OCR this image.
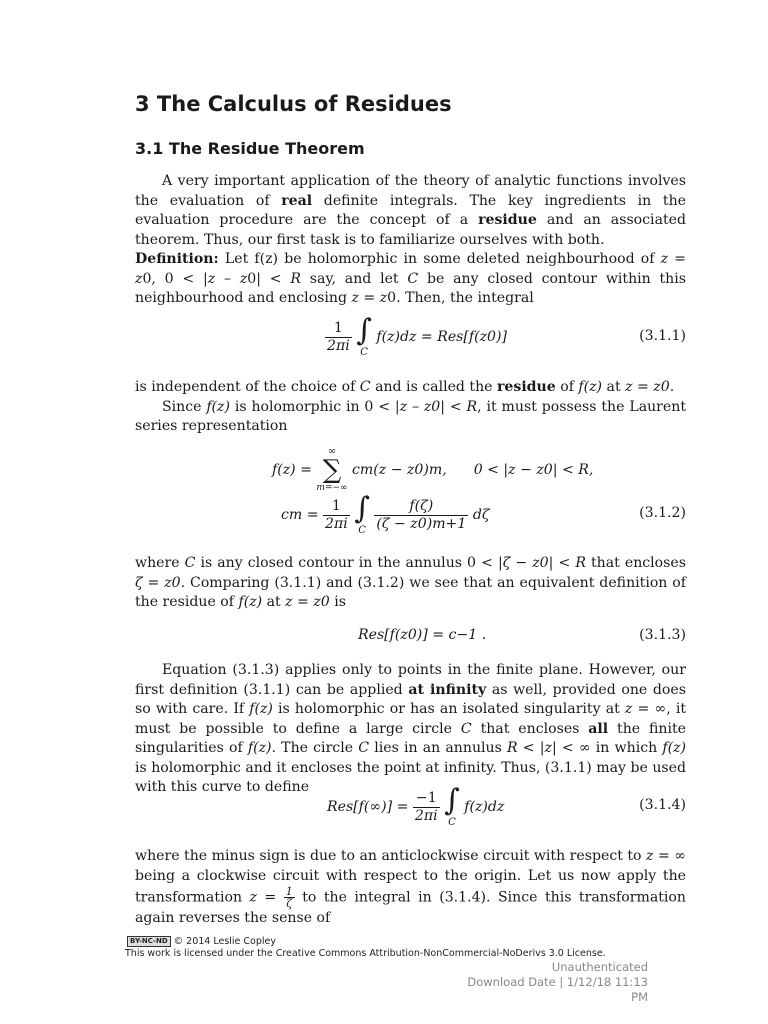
3 The Calculus of Residues
3.1 The Residue Theorem

A very important application of the theory of analytic functions involves the evaluation of real definite integrals. The key ingredients in the evaluation procedure are the concept of a residue and an associated theorem. Thus, our first task is to familiarize ourselves with both.

Definition: Let f(z) be holomorphic in some deleted neighbourhood of z = z0, 0 < |z – z0| < R say, and let C be any closed contour within this neighbourhood and enclosing z = z0. Then, the integral

$\frac{1}{2\pi i}$
∫
C
f(z)dz = Res[f(z0)]	(3.1.1)

is independent of the choice of C and is called the residue of f(z) at z = z0.

Since f(z) is holomorphic in 0 < |z – z0| < R, it must possess the Laurent series representation

f(z) =
∞
∑
m=−∞
cm(z − z0)m, 0 < |z − z0| < R,
cm = $\frac{1}{2\pi i}$
∫
C
$\frac{f(\zeta)}{(\zeta - z0)m+1}$ dζ	(3.1.2)

where C is any closed contour in the annulus 0 < |ζ − z0| < R that encloses ζ = z0. Comparing (3.1.1) and (3.1.2) we see that an equivalent definition of the residue of f(z) at z = z0 is

Res[f(z0)] = c−1 .	(3.1.3)

Equation (3.1.3) applies only to points in the finite plane. However, our first definition (3.1.1) can be applied at infinity as well, provided one does so with care. If f(z) is holomorphic or has an isolated singularity at z = ∞, it must be possible to define a large circle C that encloses all the finite singularities of f(z). The circle C lies in an annulus R < |z| < ∞ in which f(z) is holomorphic and it encloses the point at infinity. Thus, (3.1.1) may be used with this curve to define

$Res[f(\infty)] = \frac{-1}{2\pi i}$
∫
C
f(z)dz	(3.1.4)

where the minus sign is due to an anticlockwise circuit with respect to z = ∞ being a clockwise circuit with respect to the origin. Let us now apply the transformation $z = \frac{1}{\zeta}$ to the integral in (3.1.4). Since this transformation again reverses the sense of

BY-NC-ND © 2014 Leslie Copley
This work is licensed under the Creative Commons Attribution-NonCommercial-NoDerivs 3.0 License.
Unauthenticated
Download Date | 1/12/18 11:13 PM
